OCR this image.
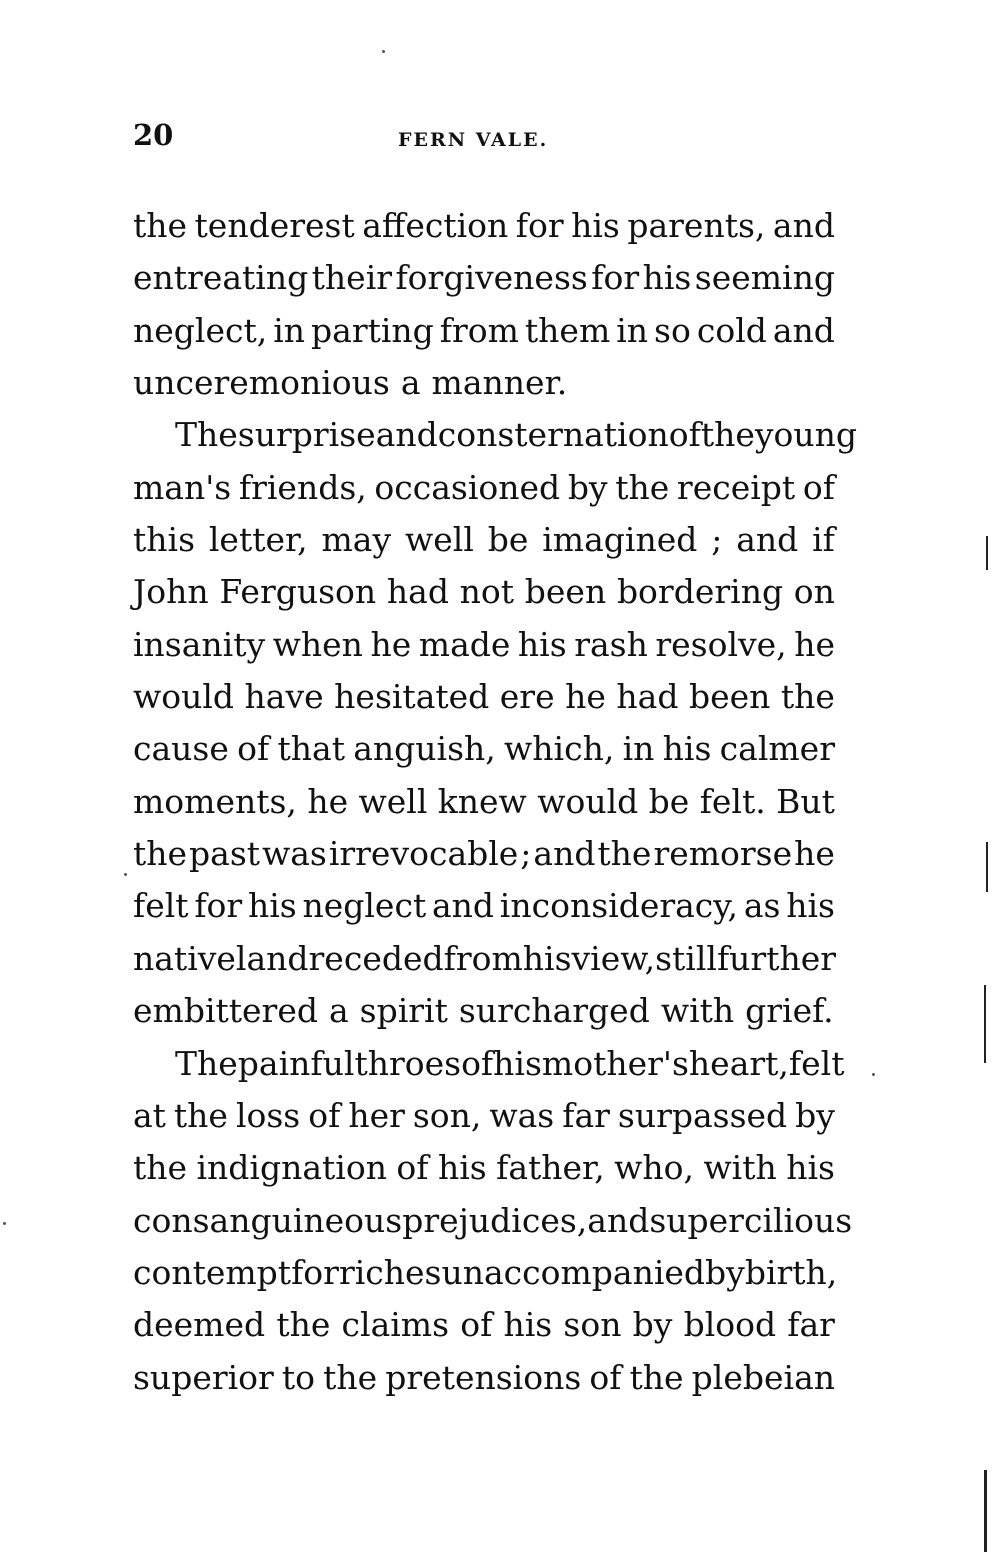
20	FERN VALE.
the tenderest affection for his parents, and
entreating their forgiveness for his seeming
neglect, in parting from them in so cold and
unceremonious a manner.
The surprise and consternation of the young
man's friends, occasioned by the receipt of
this letter, may well be imagined ; and if
John Ferguson had not been bordering on
insanity when he made his rash resolve, he
would have hesitated ere he had been the
cause of that anguish, which, in his calmer
moments, he well knew would be felt. But
the past was irrevocable ; and the remorse he
felt for his neglect and inconsideracy, as his
native land receded from his view, still further
embittered a spirit surcharged with grief.
The painful throes of his mother's heart, felt
at the loss of her son, was far surpassed by
the indignation of his father, who, with his
consanguineous prejudices, and supercilious
contempt for riches unaccompanied by birth,
deemed the claims of his son by blood far
superior to the pretensions of the plebeian
